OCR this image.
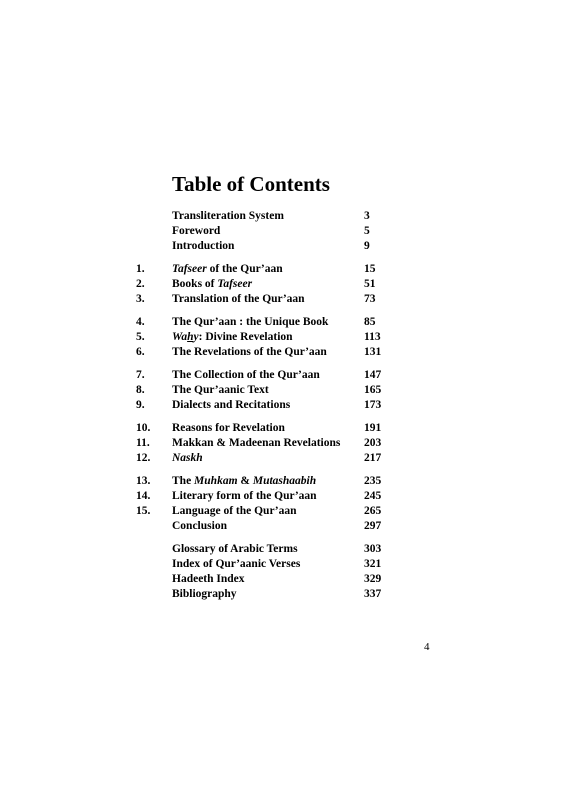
Table of Contents
Transliteration System	3
Foreword	5
Introduction	9
1. Tafseer of the Qur’aan	15
2. Books of Tafseer	51
3. Translation of the Qur’aan	73
4. The Qur’aan : the Unique Book	85
5. Wahy: Divine Revelation	113
6. The Revelations of the Qur’aan	131
7. The Collection of the Qur’aan	147
8. The Qur’aanic Text	165
9. Dialects and Recitations	173
10. Reasons for Revelation	191
11. Makkan & Madeenan Revelations 203
12. Naskh	217
13. The Muhkam & Mutashaabih	235
14. Literary form of the Qur’aan	245
15. Language of the Qur’aan	265
Conclusion	297
Glossary of Arabic Terms	303
Index of Qur’aanic Verses	321
Hadeeth Index	329
Bibliography	337
4
